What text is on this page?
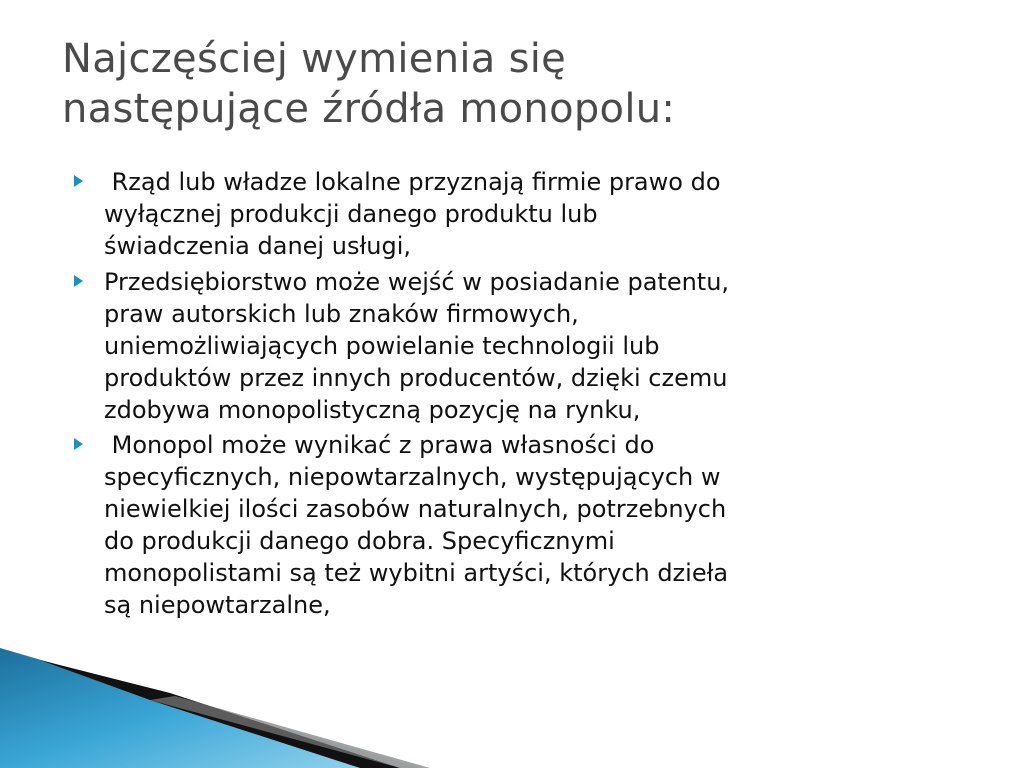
Najczęściej wymienia się
następujące źródła monopolu:
Rząd lub władze lokalne przyznają firmie prawo do
wyłącznej produkcji danego produktu lub
świadczenia danej usługi,
Przedsiębiorstwo może wejść w posiadanie patentu,
praw autorskich lub znaków firmowych,
uniemożliwiających powielanie technologii lub
produktów przez innych producentów, dzięki czemu
zdobywa monopolistyczną pozycję na rynku,
Monopol może wynikać z prawa własności do
specyficznych, niepowtarzalnych, występujących w
niewielkiej ilości zasobów naturalnych, potrzebnych
do produkcji danego dobra. Specyficznymi
monopolistami są też wybitni artyści, których dzieła
są niepowtarzalne,
